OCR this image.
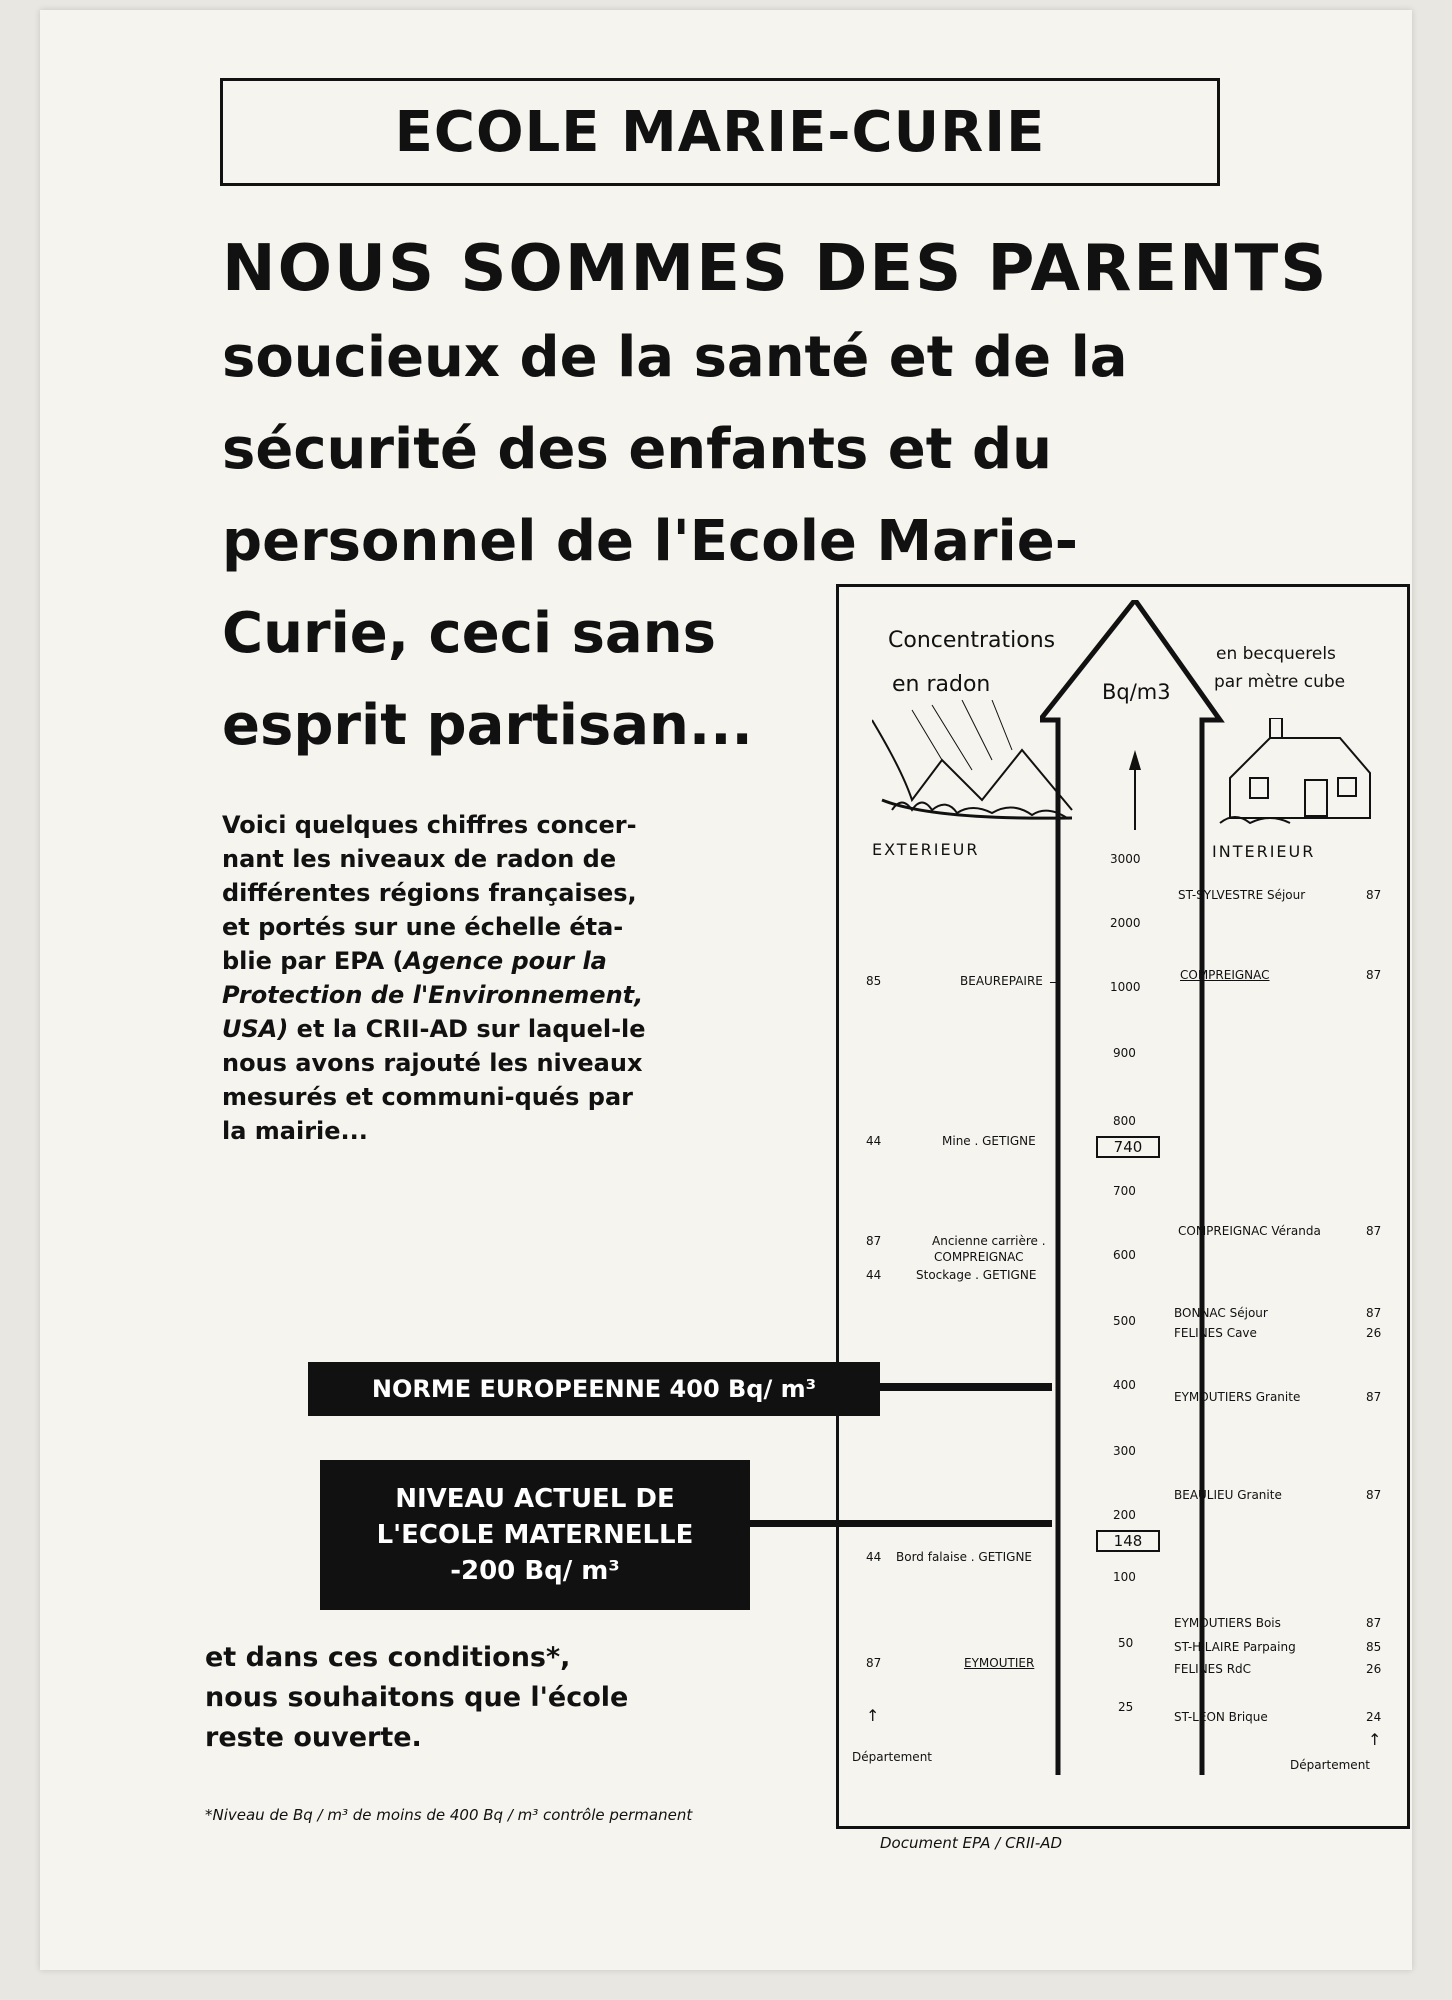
ECOLE MARIE-CURIE
NOUS SOMMES DES PARENTS
soucieux de la santé et de la
sécurité des enfants et du
personnel de l'Ecole Marie-
Curie, ceci sans
esprit partisan...

Voici quelques chiffres concer-nant les niveaux de radon de différentes régions françaises, et portés sur une échelle éta-blie par EPA (Agence pour la Protection de l'Environnement, USA) et la CRII-AD sur laquel-le nous avons rajouté les niveaux mesurés et communi-qués par la mairie...

NORME EUROPEENNE 400 Bq/ m³
NIVEAU ACTUEL DE
L'ECOLE MATERNELLE
-200 Bq/ m³
et dans ces conditions*,
nous souhaitons que l'école
reste ouverte.
*Niveau de Bq / m³ de moins de 400 Bq / m³ contrôle permanent
Document EPA / CRII-AD
Concentrations
en radon	Bq/m3
en becquerels
par mètre cube
EXTERIEUR	INTERIEUR
3000
2000
1000
900
800
740
700
600
500
400
300
200
148
100
50
25
85	BEAUREPAIRE
44	Mine . GETIGNE
87	Ancienne carrière .
COMPREIGNAC
44	Stockage . GETIGNE
44 Bord falaise . GETIGNE
87	EYMOUTIER
ST-SYLVESTRE Séjour	87
COMPREIGNAC	87
COMPREIGNAC Véranda	87
BONNAC Séjour	87
FELINES Cave	26
EYMOUTIERS Granite	87
BEAULIEU Granite	87
EYMOUTIERS Bois	87
ST-HILAIRE Parpaing	85
FELINES RdC	26
ST-LEON Brique	24
↑
Département
↑
Département
